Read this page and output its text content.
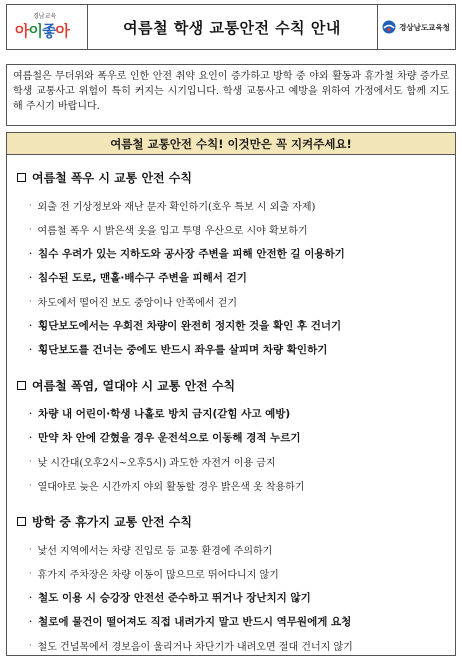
경남교육
아이좋아	여름철 학생 교통안전 수칙 안내	경상남도교육청
여름철은 무더위와 폭우로 인한 안전 취약 요인이 증가하고 방학 중 야외 활동과 휴가철 차량 증가로 학생 교통사고 위험이 특히 커지는 시기입니다. 학생 교통사고 예방을 위하여 가정에서도 함께 지도해 주시기 바랍니다.
여름철 교통안전 수칙! 이것만은 꼭 지켜주세요!
여름철 폭우 시 교통 안전 수칙
· 외출 전 기상정보와 재난 문자 확인하기(호우 특보 시 외출 자제)
· 여름철 폭우 시 밝은색 옷을 입고 투명 우산으로 시야 확보하기
· 침수 우려가 있는 지하도와 공사장 주변을 피해 안전한 길 이용하기
· 침수된 도로, 맨홀·배수구 주변을 피해서 걷기
· 차도에서 떨어진 보도 중앙이나 안쪽에서 걷기
· 횡단보도에서는 우회전 차량이 완전히 정지한 것을 확인 후 건너기
· 횡단보도를 건너는 중에도 반드시 좌우를 살피며 차량 확인하기
여름철 폭염, 열대야 시 교통 안전 수칙
· 차량 내 어린이·학생 나홀로 방치 금지(갇힘 사고 예방)
· 만약 차 안에 갇혔을 경우 운전석으로 이동해 경적 누르기
· 낮 시간대(오후2시~오후5시) 과도한 자전거 이용 금지
· 열대야로 늦은 시간까지 야외 활동할 경우 밝은색 옷 착용하기
방학 중 휴가지 교통 안전 수칙
· 낯선 지역에서는 차량 진입로 등 교통 환경에 주의하기
· 휴가지 주차장은 차량 이동이 많으므로 뛰어다니지 않기
· 철도 이용 시 승강장 안전선 준수하고 뛰거나 장난치지 않기
· 철로에 물건이 떨어져도 직접 내려가지 말고 반드시 역무원에게 요청
· 철도 건널목에서 경보음이 울리거나 차단기가 내려오면 절대 건너지 않기
